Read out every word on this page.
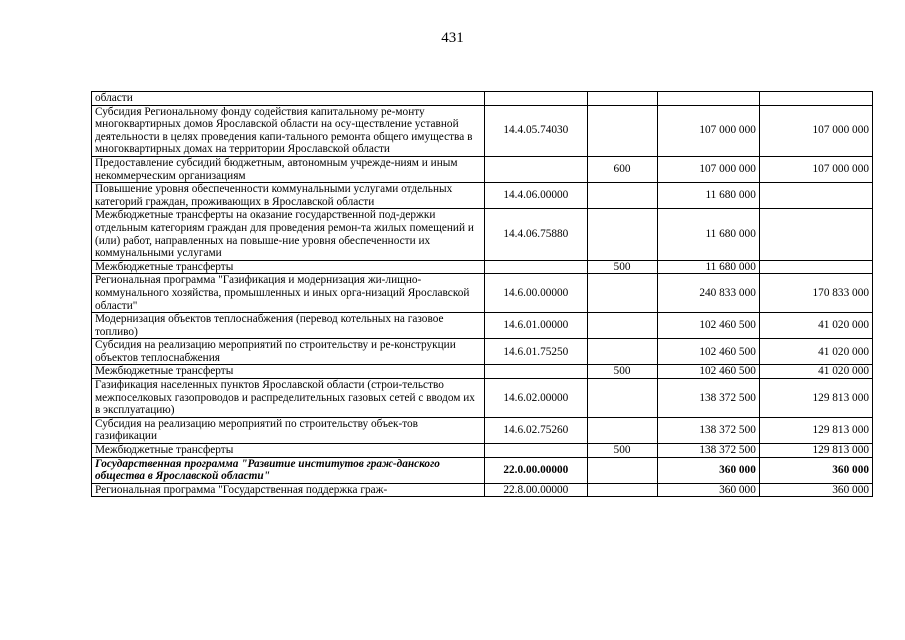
431
области				
Субсидия Региональному фонду содействия капитальному ре-монту многоквартирных домов Ярославской области на осу-ществление уставной деятельности в целях проведения капи-тального ремонта общего имущества в многоквартирных домах на территории Ярославской области	14.4.05.74030		107 000 000	107 000 000
Предоставление субсидий бюджетным, автономным учрежде-ниям и иным некоммерческим организациям		600	107 000 000	107 000 000
Повышение уровня обеспеченности коммунальными услугами отдельных категорий граждан, проживающих в Ярославской области	14.4.06.00000		11 680 000	
Межбюджетные трансферты на оказание государственной под-держки отдельным категориям граждан для проведения ремон-та жилых помещений и (или) работ, направленных на повыше-ние уровня обеспеченности их коммунальными услугами	14.4.06.75880		11 680 000	
Межбюджетные трансферты		500	11 680 000	
Региональная программа "Газификация и модернизация жи-лищно-коммунального хозяйства, промышленных и иных орга-низаций Ярославской области"	14.6.00.00000		240 833 000	170 833 000
Модернизация объектов теплоснабжения (перевод котельных на газовое топливо)	14.6.01.00000		102 460 500	41 020 000
Субсидия на реализацию мероприятий по строительству и ре-конструкции объектов теплоснабжения	14.6.01.75250		102 460 500	41 020 000
Межбюджетные трансферты		500	102 460 500	41 020 000
Газификация населенных пунктов Ярославской области (строи-тельство межпоселковых газопроводов и распределительных газовых сетей с вводом их в эксплуатацию)	14.6.02.00000		138 372 500	129 813 000
Субсидия на реализацию мероприятий по строительству объек-тов газификации	14.6.02.75260		138 372 500	129 813 000
Межбюджетные трансферты		500	138 372 500	129 813 000
Государственная программа "Развитие институтов граж-данского общества в Ярославской области"	22.0.00.00000		360 000	360 000
Региональная программа "Государственная поддержка граж-	22.8.00.00000		360 000	360 000
